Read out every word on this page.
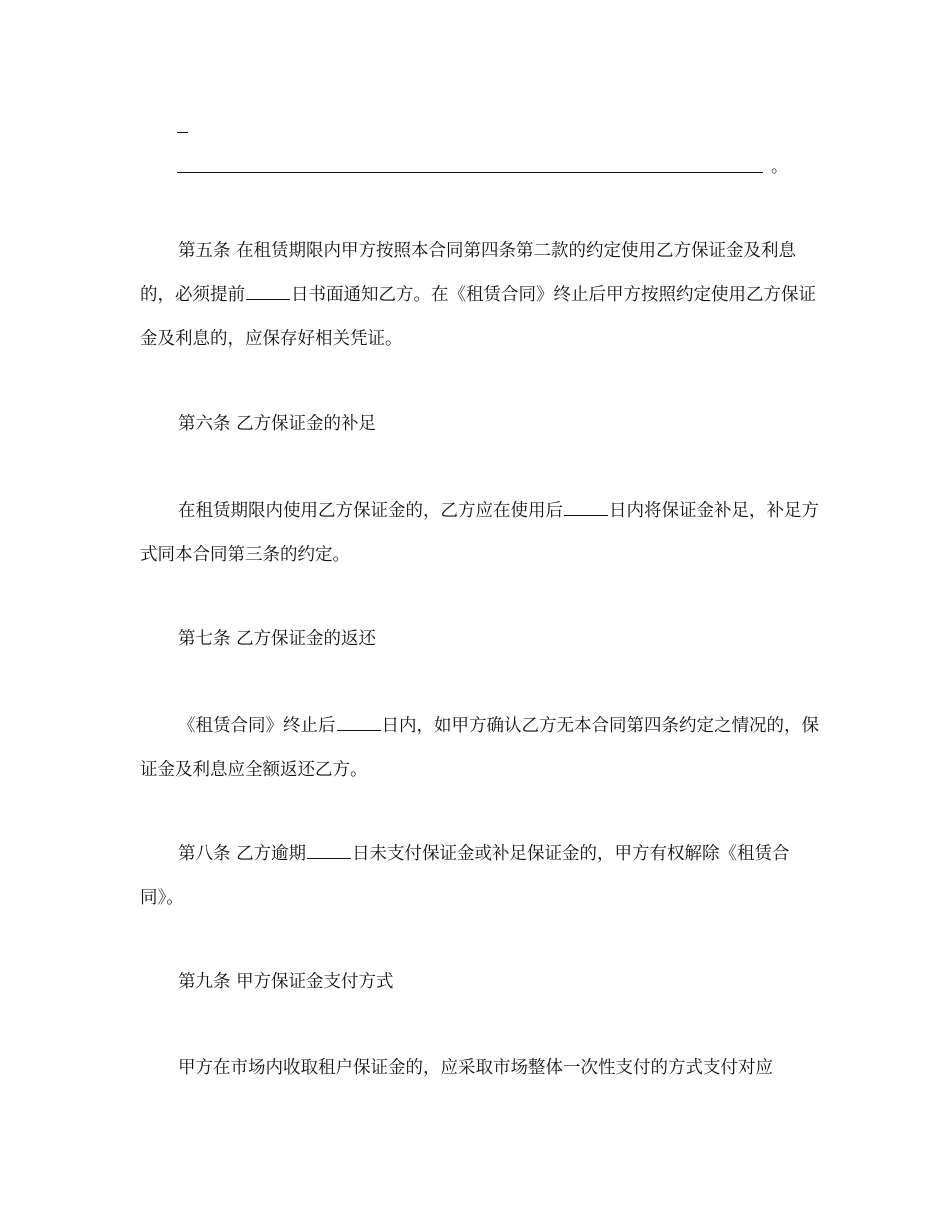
。
第五条 在租赁期限内甲方按照本合同第四条第二款的约定使用乙方保证金及利息的，必须提前	日书面通知乙方。在《租赁合同》终止后甲方按照约定使用乙方保证金及利息的，应保存好相关凭证。
第六条 乙方保证金的补足
在租赁期限内使用乙方保证金的，乙方应在使用后	日内将保证金补足，补足方式同本合同第三条的约定。
第七条 乙方保证金的返还
《租赁合同》终止后	日内，如甲方确认乙方无本合同第四条约定之情况的，保证金及利息应全额返还乙方。
第八条 乙方逾期	日未支付保证金或补足保证金的，甲方有权解除《租赁合同》。
第九条 甲方保证金支付方式
甲方在市场内收取租户保证金的，应采取市场整体一次性支付的方式支付对应
